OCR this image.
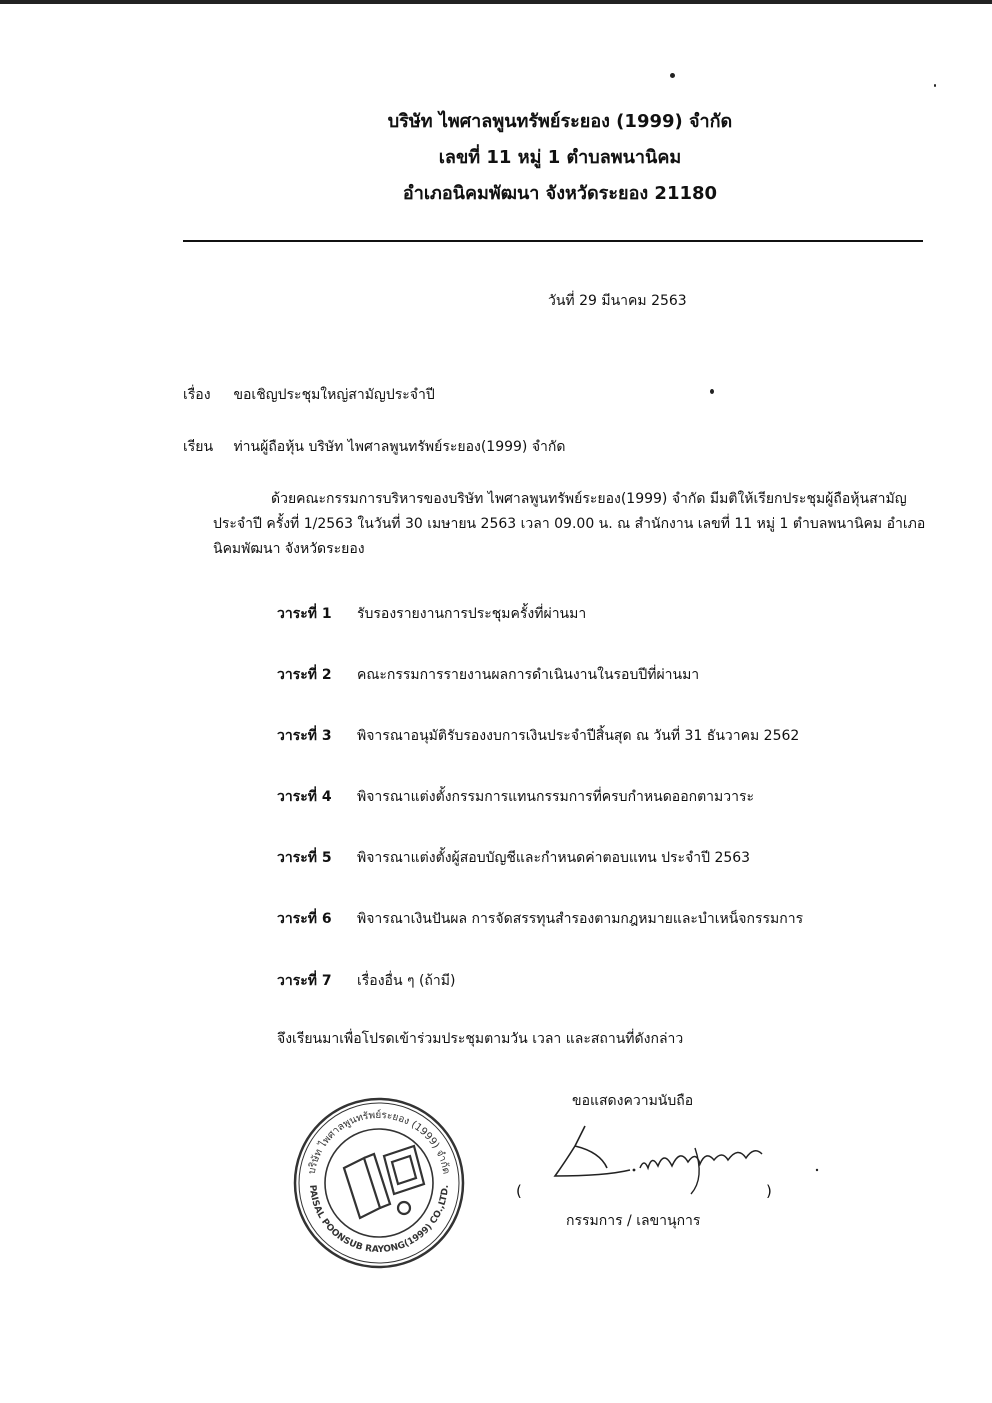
บริษัท ไพศาลพูนทรัพย์ระยอง (1999) จำกัด
เลขที่ 11 หมู่ 1 ตำบลพนานิคม
อำเภอนิคมพัฒนา จังหวัดระยอง 21180
วันที่ 29 มีนาคม 2563
เรื่อง ขอเชิญประชุมใหญ่สามัญประจำปี
เรียน ท่านผู้ถือหุ้น บริษัท ไพศาลพูนทรัพย์ระยอง(1999) จำกัด

ด้วยคณะกรรมการบริหารของบริษัท ไพศาลพูนทรัพย์ระยอง(1999) จำกัด มีมติให้เรียกประชุมผู้ถือหุ้นสามัญประจำปี ครั้งที่ 1/2563 ในวันที่ 30 เมษายน 2563 เวลา 09.00 น. ณ สำนักงาน เลขที่ 11 หมู่ 1 ตำบลพนานิคม อำเภอนิคมพัฒนา จังหวัดระยอง

วาระที่ 1 รับรองรายงานการประชุมครั้งที่ผ่านมา
วาระที่ 2 คณะกรรมการรายงานผลการดำเนินงานในรอบปีที่ผ่านมา
วาระที่ 3 พิจารณาอนุมัติรับรองงบการเงินประจำปีสิ้นสุด ณ วันที่ 31 ธันวาคม 2562
วาระที่ 4 พิจารณาแต่งตั้งกรรมการแทนกรรมการที่ครบกำหนดออกตามวาระ
วาระที่ 5 พิจารณาแต่งตั้งผู้สอบบัญชีและกำหนดค่าตอบแทน ประจำปี 2563
วาระที่ 6 พิจารณาเงินปันผล การจัดสรรทุนสำรองตามกฎหมายและบำเหน็จกรรมการ
วาระที่ 7 เรื่องอื่น ๆ (ถ้ามี)
จึงเรียนมาเพื่อโปรดเข้าร่วมประชุมตามวัน เวลา และสถานที่ดังกล่าว
ขอแสดงความนับถือ
(	)
กรรมการ / เลขานุการ
บริษัท ไพศาลพูนทรัพย์ระยอง (1999) จำกัด
PAISAL POONSUB RAYONG(1999) CO.,LTD.
